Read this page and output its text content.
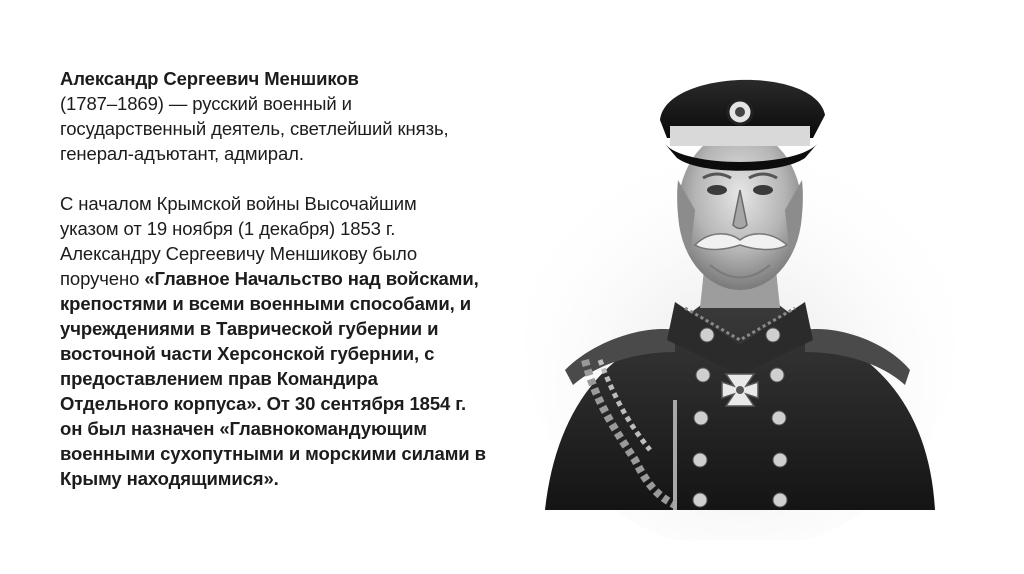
Александр Сергеевич Меншиков

(1787–1869) — русский военный и

государственный деятель, светлейший князь,

генерал-адъютант, адмирал.

С началом Крымской войны Высочайшим

указом от 19 ноября (1 декабря) 1853 г.

Александру Сергеевичу Меншикову было

поручено «Главное Начальство над войсками,

крепостями и всеми военными способами, и

учреждениями в Таврической губернии и

восточной части Херсонской губернии, с

предоставлением прав Командира

Отдельного корпуса». От 30 сентября 1854 г.

он был назначен «Главнокомандующим

военными сухопутными и морскими силами в

Крыму находящимися».
